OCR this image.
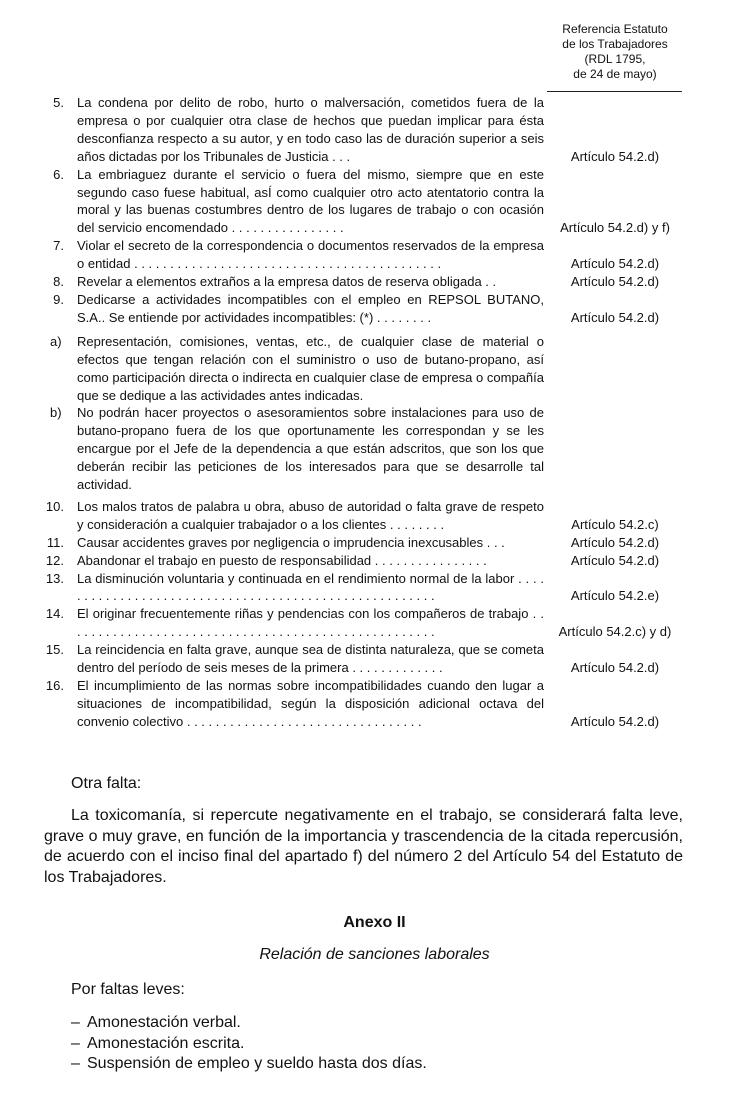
Referencia Estatuto
de los Trabajadores
(RDL 1795,
de 24 de mayo)
5. La condena por delito de robo, hurto o malversación, cometidos fuera de la empresa o por cualquier otra clase de hechos que puedan implicar para ésta desconfianza respecto a su autor, y en todo caso las de duración superior a seis años dictadas por los Tribunales de Justicia . . .	Artículo 54.2.d)
6. La embriaguez durante el servicio o fuera del mismo, siempre que en este segundo caso fuese habitual, asÍ como cualquier otro acto atentatorio contra la moral y las buenas costumbres dentro de los lugares de trabajo o con ocasión del servicio encomendado . . . . . . . . . . . . . . . .	Artículo 54.2.d) y f)
7. Violar el secreto de la correspondencia o documentos reservados de la empresa o entidad . . . . . . . . . . . . . . . . . . . . . . . . . . . . . . . . . . . . . . . . . . .	Artículo 54.2.d)
8. Revelar a elementos extraños a la empresa datos de reserva obligada . .	Artículo 54.2.d)
9. Dedicarse a actividades incompatibles con el empleo en REPSOL BUTANO, S.A.. Se entiende por actividades incompatibles: (*) . . . . . . . .	Artículo 54.2.d)
a)	Representación, comisiones, ventas, etc., de cualquier clase de material o efectos que tengan relación con el suministro o uso de butano-propano, así como participación directa o indirecta en cualquier clase de empresa o compañía que se dedique a las actividades antes indicadas.
b)	No podrán hacer proyectos o asesoramientos sobre instalaciones para uso de butano-propano fuera de los que oportunamente les correspondan y se les encargue por el Jefe de la dependencia a que están adscritos, que son los que deberán recibir las peticiones de los interesados para que se desarrolle tal actividad.
10. Los malos tratos de palabra u obra, abuso de autoridad o falta grave de respeto y consideración a cualquier trabajador o a los clientes . . . . . . . .	Artículo 54.2.c)
11. Causar accidentes graves por negligencia o imprudencia inexcusables . . .	Artículo 54.2.d)
12. Abandonar el trabajo en puesto de responsabilidad . . . . . . . . . . . . . . . .	Artículo 54.2.d)
13. La disminución voluntaria y continuada en el rendimiento normal de la labor . . . . . . . . . . . . . . . . . . . . . . . . . . . . . . . . . . . . . . . . . . . . . . . . . . . . . .	Artículo 54.2.e)
14. El originar frecuentemente riñas y pendencias con los compañeros de trabajo . . . . . . . . . . . . . . . . . . . . . . . . . . . . . . . . . . . . . . . . . . . . . . . . . . . .	Artículo 54.2.c) y d)
15. La reincidencia en falta grave, aunque sea de distinta naturaleza, que se cometa dentro del período de seis meses de la primera . . . . . . . . . . . . .	Artículo 54.2.d)
16. El incumplimiento de las normas sobre incompatibilidades cuando den lugar a situaciones de incompatibilidad, según la disposición adicional octava del convenio colectivo . . . . . . . . . . . . . . . . . . . . . . . . . . . . . . . . .	Artículo 54.2.d)
Otra falta:
La toxicomanía, si repercute negativamente en el trabajo, se considerará falta leve, grave o muy grave, en función de la importancia y trascendencia de la citada repercusión, de acuerdo con el inciso final del apartado f) del número 2 del Artículo 54 del Estatuto de los Trabajadores.
Anexo II
Relación de sanciones laborales
Por faltas leves:
– Amonestación verbal.
– Amonestación escrita.
– Suspensión de empleo y sueldo hasta dos días.
